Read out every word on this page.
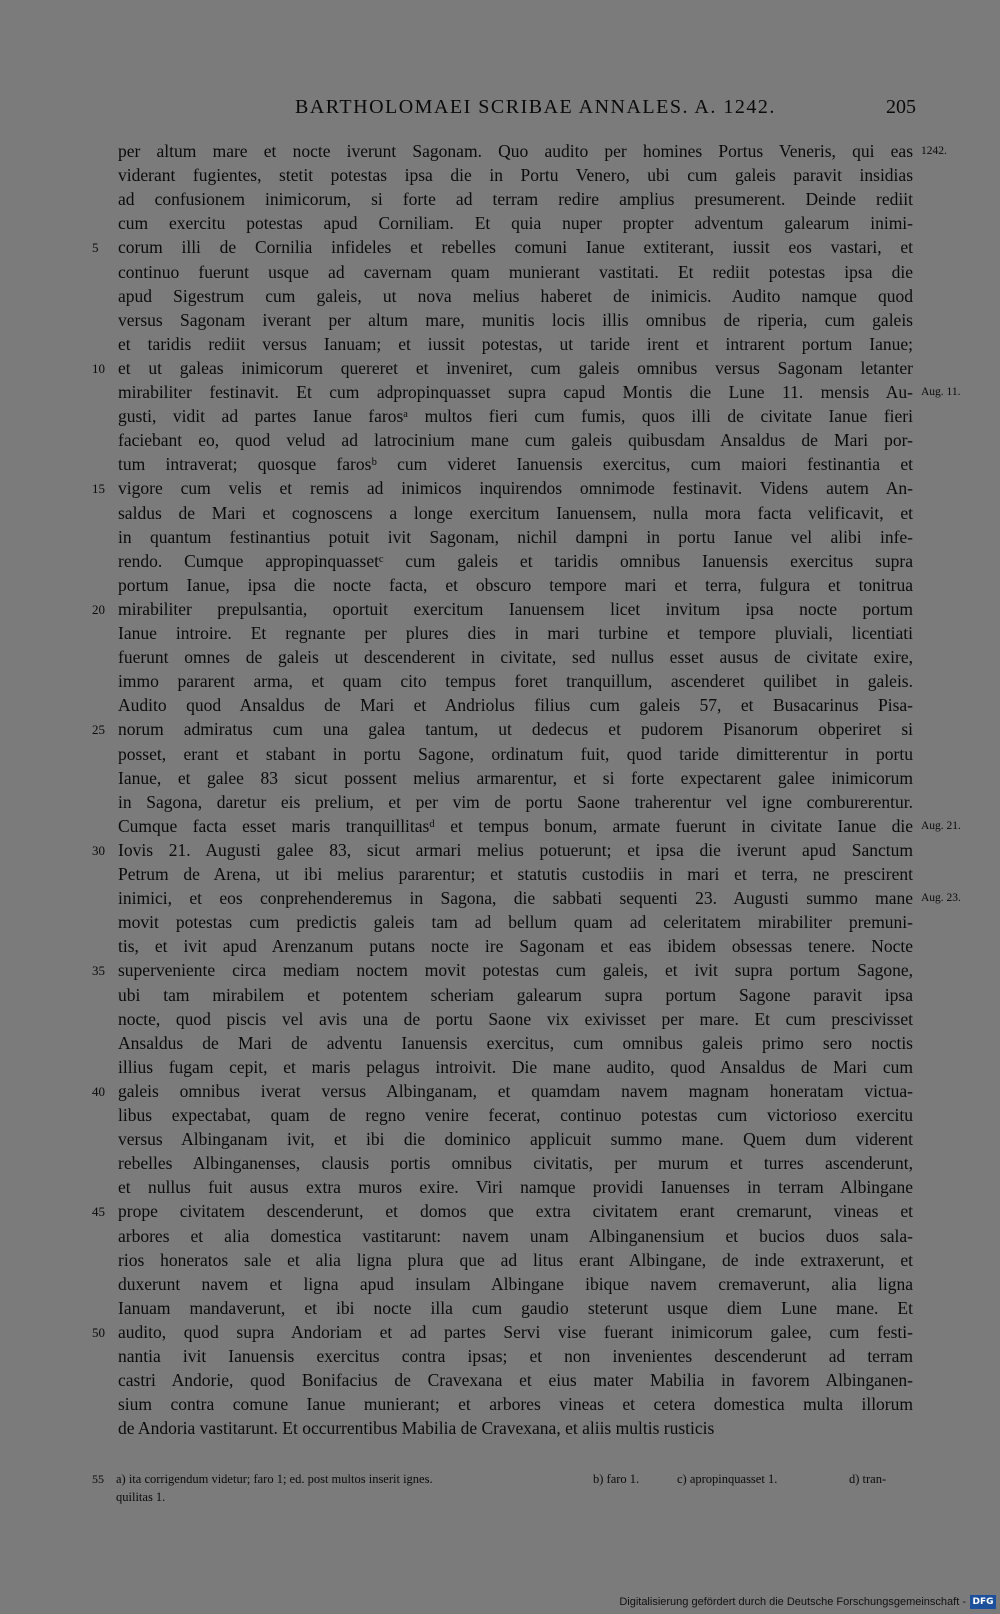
BARTHOLOMAEI SCRIBAE ANNALES. A. 1242.	205
per altum mare et nocte iverunt Sagonam. Quo audito per homines Portus Veneris, qui eas 1242.
viderant fugientes, stetit potestas ipsa die in Portu Venero, ubi cum galeis paravit insidias
ad confusionem inimicorum, si forte ad terram redire amplius presumerent. Deinde rediit
cum exercitu potestas apud Corniliam. Et quia nuper propter adventum galearum inimi-
5	corum illi de Cornilia infideles et rebelles comuni Ianue extiterant, iussit eos vastari, et
continuo fuerunt usque ad cavernam quam munierant vastitati. Et rediit potestas ipsa die
apud Sigestrum cum galeis, ut nova melius haberet de inimicis. Audito namque quod
versus Sagonam iverant per altum mare, munitis locis illis omnibus de riperia, cum galeis
et taridis rediit versus Ianuam; et iussit potestas, ut taride irent et intrarent portum Ianue;
10 et ut galeas inimicorum quereret et inveniret, cum galeis omnibus versus Sagonam letanter
mirabiliter festinavit. Et cum adpropinquasset supra capud Montis die Lune 11. mensis Au- Aug. 11.
gusti, vidit ad partes Ianue farosᵃ multos fieri cum fumis, quos illi de civitate Ianue fieri
faciebant eo, quod velud ad latrocinium mane cum galeis quibusdam Ansaldus de Mari por-
tum intraverat; quosque farosᵇ cum videret Ianuensis exercitus, cum maiori festinantia et
15 vigore cum velis et remis ad inimicos inquirendos omnimode festinavit. Videns autem An-
saldus de Mari et cognoscens a longe exercitum Ianuensem, nulla mora facta velificavit, et
in quantum festinantius potuit ivit Sagonam, nichil dampni in portu Ianue vel alibi infe-
rendo. Cumque appropinquassetᶜ cum galeis et taridis omnibus Ianuensis exercitus supra
portum Ianue, ipsa die nocte facta, et obscuro tempore mari et terra, fulgura et tonitrua
20 mirabiliter prepulsantia, oportuit exercitum Ianuensem licet invitum ipsa nocte portum
Ianue introire. Et regnante per plures dies in mari turbine et tempore pluviali, licentiati
fuerunt omnes de galeis ut descenderent in civitate, sed nullus esset ausus de civitate exire,
immo pararent arma, et quam cito tempus foret tranquillum, ascenderet quilibet in galeis.
Audito quod Ansaldus de Mari et Andriolus filius cum galeis 57, et Busacarinus Pisa-
25 norum admiratus cum una galea tantum, ut dedecus et pudorem Pisanorum obperiret si
posset, erant et stabant in portu Sagone, ordinatum fuit, quod taride dimitterentur in portu
Ianue, et galee 83 sicut possent melius armarentur, et si forte expectarent galee inimicorum
in Sagona, daretur eis prelium, et per vim de portu Saone traherentur vel igne comburerentur.
Cumque facta esset maris tranquillitasᵈ et tempus bonum, armate fuerunt in civitate Ianue die Aug. 21.
30 Iovis 21. Augusti galee 83, sicut armari melius potuerunt; et ipsa die iverunt apud Sanctum
Petrum de Arena, ut ibi melius pararentur; et statutis custodiis in mari et terra, ne prescirent
inimici, et eos conprehenderemus in Sagona, die sabbati sequenti 23. Augusti summo mane Aug. 23.
movit potestas cum predictis galeis tam ad bellum quam ad celeritatem mirabiliter premuni-
tis, et ivit apud Arenzanum putans nocte ire Sagonam et eas ibidem obsessas tenere. Nocte
35 superveniente circa mediam noctem movit potestas cum galeis, et ivit supra portum Sagone,
ubi tam mirabilem et potentem scheriam galearum supra portum Sagone paravit ipsa
nocte, quod piscis vel avis una de portu Saone vix exivisset per mare. Et cum prescivisset
Ansaldus de Mari de adventu Ianuensis exercitus, cum omnibus galeis primo sero noctis
illius fugam cepit, et maris pelagus introivit. Die mane audito, quod Ansaldus de Mari cum
40 galeis omnibus iverat versus Albinganam, et quamdam navem magnam honeratam victua-
libus expectabat, quam de regno venire fecerat, continuo potestas cum victorioso exercitu
versus Albinganam ivit, et ibi die dominico applicuit summo mane. Quem dum viderent
rebelles Albinganenses, clausis portis omnibus civitatis, per murum et turres ascenderunt,
et nullus fuit ausus extra muros exire. Viri namque providi Ianuenses in terram Albingane
45 prope civitatem descenderunt, et domos que extra civitatem erant cremarunt, vineas et
arbores et alia domestica vastitarunt: navem unam Albinganensium et bucios duos sala-
rios honeratos sale et alia ligna plura que ad litus erant Albingane, de inde extraxerunt, et
duxerunt navem et ligna apud insulam Albingane ibique navem cremaverunt, alia ligna
Ianuam mandaverunt, et ibi nocte illa cum gaudio steterunt usque diem Lune mane. Et
50 audito, quod supra Andoriam et ad partes Servi vise fuerant inimicorum galee, cum festi-
nantia ivit Ianuensis exercitus contra ipsas; et non invenientes descenderunt ad terram
castri Andorie, quod Bonifacius de Cravexana et eius mater Mabilia in favorem Albinganen-
sium contra comune Ianue munierant; et arbores vineas et cetera domestica multa illorum
de Andoria vastitarunt. Et occurrentibus Mabilia de Cravexana, et aliis multis rusticis
55 a) ita corrigendum videtur; faro 1; ed. post multos inserit ignes.	b) faro 1.	c) apropinquasset 1.	d) tran-
quilitas 1.
Digitalisierung gefördert durch die Deutsche Forschungsgemeinschaft - DFG
